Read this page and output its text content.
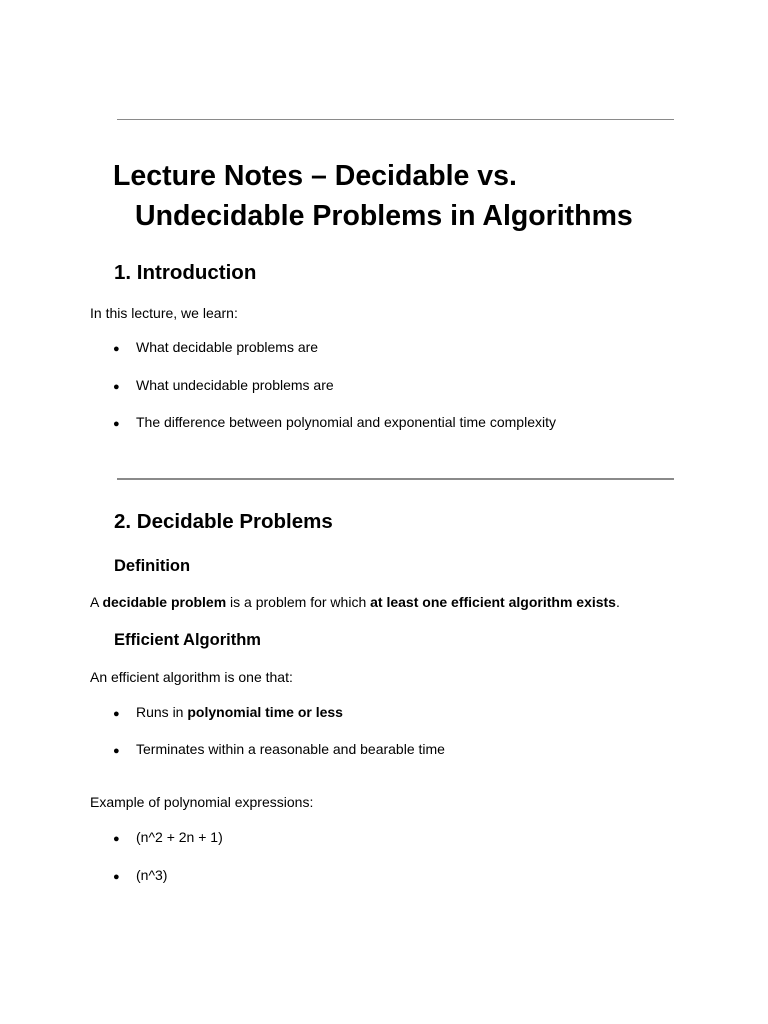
Lecture Notes – Decidable vs.
Undecidable Problems in Algorithms
1. Introduction

In this lecture, we learn:

● What decidable problems are
● What undecidable problems are
● The difference between polynomial and exponential time complexity
2. Decidable Problems
Definition

A decidable problem is a problem for which at least one efficient algorithm exists.

Efficient Algorithm

An efficient algorithm is one that:

● Runs in polynomial time or less
● Terminates within a reasonable and bearable time

Example of polynomial expressions:

● (n^2 + 2n + 1)
● (n^3)
